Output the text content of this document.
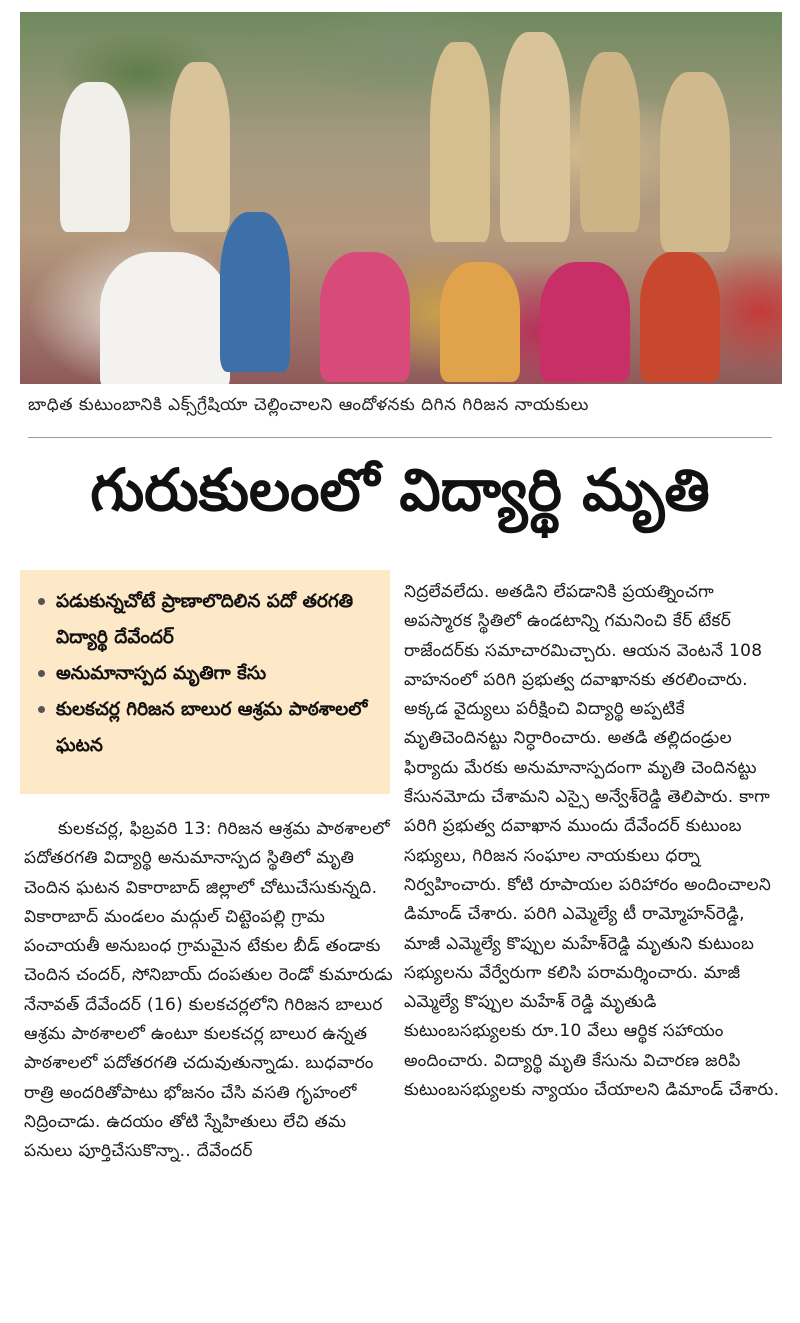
బాధిత కుటుంబానికి ఎక్స్‌గ్రేషియా చెల్లించాలని ఆందోళనకు దిగిన గిరిజన నాయకులు
గురుకులంలో విద్యార్థి మృతి
పడుకున్నచోటే ప్రాణాలొదిలిన పదో తరగతి విద్యార్థి దేవేందర్
అనుమానాస్పద మృతిగా కేసు
కులకచర్ల గిరిజన బాలుర ఆశ్రమ పాఠశాలలో ఘటన

కులకచర్ల, ఫిబ్రవరి 13: గిరిజన ఆశ్రమ పాఠశాలలో పదోతరగతి విద్యార్థి అనుమానాస్పద స్థితిలో మృతి చెందిన ఘటన వికారాబాద్ జిల్లాలో చోటుచేసుకున్నది. వికారాబాద్ మండలం మద్గుల్ చిట్టెంపల్లి గ్రామ పంచాయతీ అనుబంధ గ్రామమైన టేకుల బీడ్ తండాకు చెందిన చందర్, సోనిబాయ్ దంపతుల రెండో కుమారుడు నేనావత్ దేవేందర్ (16) కులకచర్లలోని గిరిజన బాలుర ఆశ్రమ పాఠశాలలో ఉంటూ కులకచర్ల బాలుర ఉన్నత పాఠశాలలో పదోతరగతి చదువుతున్నాడు. బుధవారం రాత్రి అందరితోపాటు భోజనం చేసి వసతి గృహంలో నిద్రించాడు. ఉదయం తోటి స్నేహితులు లేచి తమ పనులు పూర్తిచేసుకొన్నా.. దేవేందర్

నిద్రలేవలేదు. అతడిని లేపడానికి ప్రయత్నించగా అపస్మారక స్థితిలో ఉండటాన్ని గమనించి కేర్ టేకర్ రాజేందర్‌కు సమాచారమిచ్చారు. ఆయన వెంటనే 108 వాహనంలో పరిగి ప్రభుత్వ దవాఖానకు తరలించారు. అక్కడ వైద్యులు పరీక్షించి విద్యార్థి అప్పటికే మృతిచెందినట్టు నిర్ధారించారు. అతడి తల్లిదండ్రుల ఫిర్యాదు మేరకు అనుమానాస్పదంగా మృతి చెందినట్టు కేసునమోదు చేశామని ఎస్సై అన్వేశ్‌రెడ్డి తెలిపారు. కాగా పరిగి ప్రభుత్వ దవాఖాన ముందు దేవేందర్ కుటుంబ సభ్యులు, గిరిజన సంఘాల నాయకులు ధర్నా నిర్వహించారు. కోటి రూపాయల పరిహారం అందించాలని డిమాండ్ చేశారు. పరిగి ఎమ్మెల్యే టీ రామ్మోహన్‌రెడ్డి, మాజీ ఎమ్మెల్యే కొప్పుల మహేశ్‌రెడ్డి మృతుని కుటుంబ సభ్యులను వేర్వేరుగా కలిసి పరామర్శించారు. మాజీ ఎమ్మెల్యే కొప్పుల మహేశ్ రెడ్డి మృతుడి కుటుంబసభ్యులకు రూ.10 వేలు ఆర్థిక సహాయం అందించారు. విద్యార్థి మృతి కేసును విచారణ జరిపి కుటుంబసభ్యులకు న్యాయం చేయాలని డిమాండ్ చేశారు.
